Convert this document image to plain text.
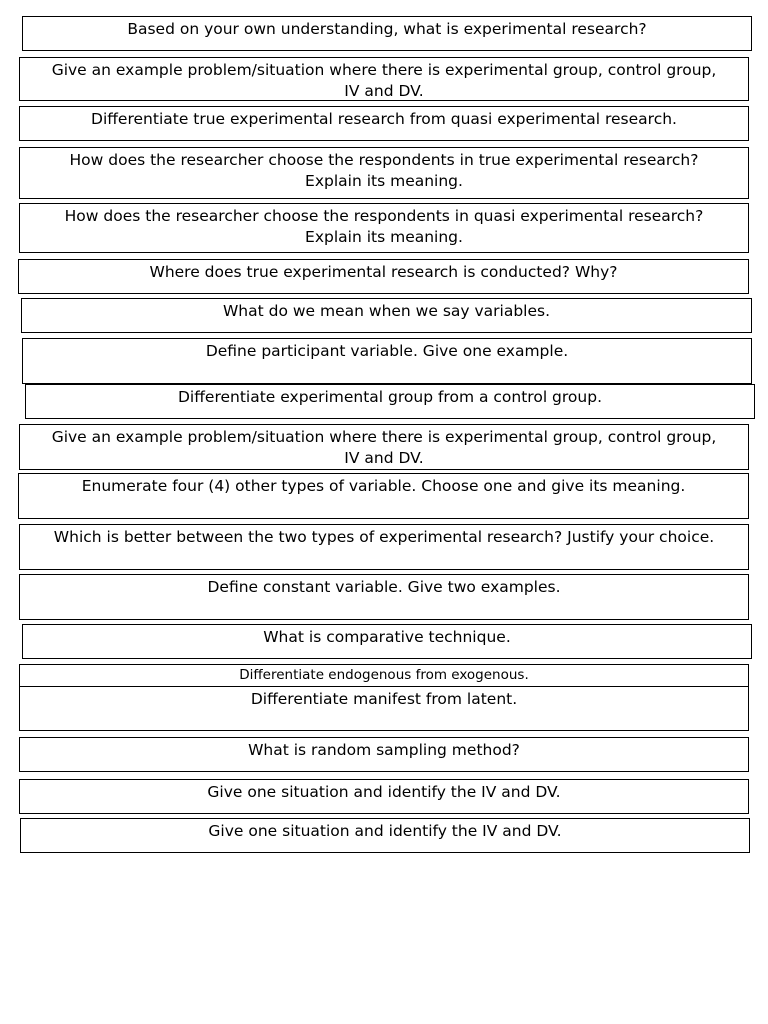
Based on your own understanding, what is experimental research?
Give an example problem/situation where there is experimental group, control group,
IV and DV.
Differentiate true experimental research from quasi experimental research.
How does the researcher choose the respondents in true experimental research?
Explain its meaning.
How does the researcher choose the respondents in quasi experimental research?
Explain its meaning.
Where does true experimental research is conducted? Why?
What do we mean when we say variables.
Define participant variable. Give one example.
Differentiate experimental group from a control group.
Give an example problem/situation where there is experimental group, control group,
IV and DV.
Enumerate four (4) other types of variable. Choose one and give its meaning.
Which is better between the two types of experimental research? Justify your choice.
Define constant variable. Give two examples.
What is comparative technique.
Differentiate endogenous from exogenous.
Differentiate manifest from latent.
What is random sampling method?
Give one situation and identify the IV and DV.
Give one situation and identify the IV and DV.
